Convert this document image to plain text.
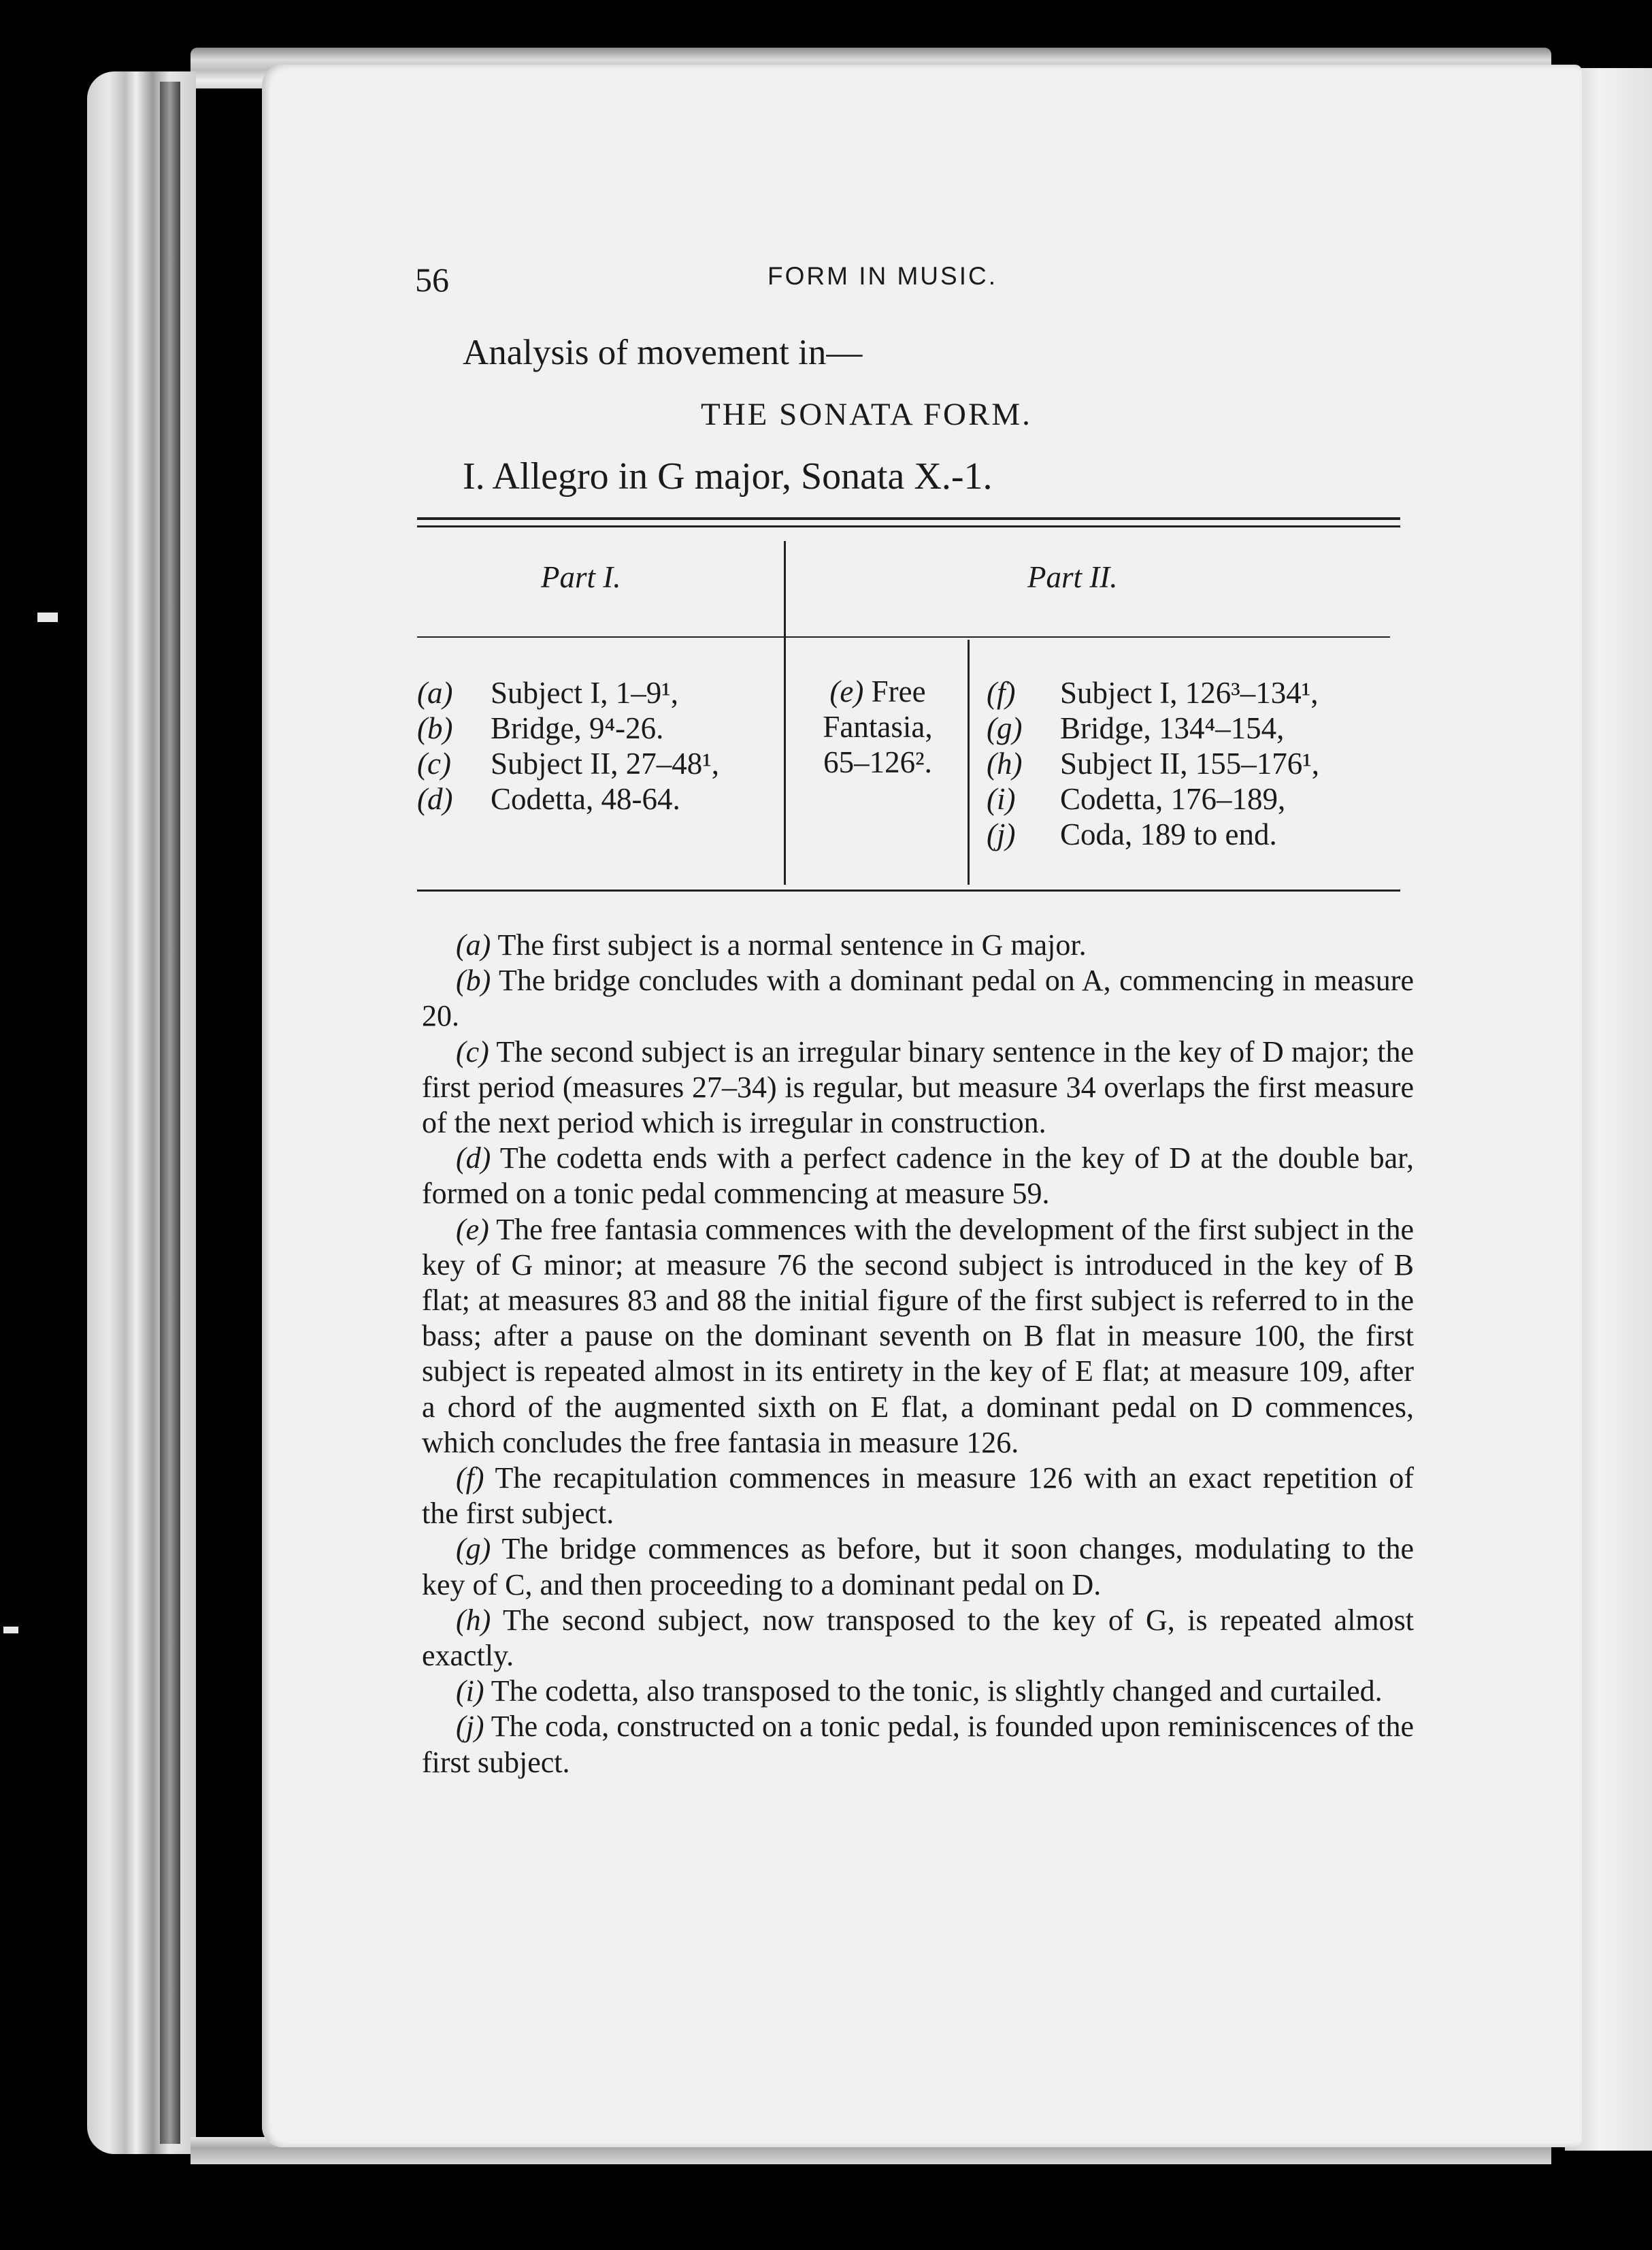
56	FORM IN MUSIC.
Analysis of movement in—
THE SONATA FORM.
I. Allegro in G major, Sonata X.-1.
Part I.	Part II.
(a) Subject I, 1–9¹,
(b) Bridge, 9⁴-26.
(c) Subject II, 27–48¹,
(d) Codetta, 48-64.
(e) Free
Fantasia,
65–126².
(f) Subject I, 126³–134¹,
(g) Bridge, 134⁴–154,
(h) Subject II, 155–176¹,
(i) Codetta, 176–189,
(j) Coda, 189 to end.

(a) The first subject is a normal sentence in G major.

(b) The bridge concludes with a dominant pedal on A, commencing in measure 20.

(c) The second subject is an irregular binary sentence in the key of D major; the first period (measures 27–34) is regular, but measure 34 overlaps the first measure of the next period which is irregular in construction.

(d) The codetta ends with a perfect cadence in the key of D at the double bar, formed on a tonic pedal commencing at measure 59.

(e) The free fantasia commences with the development of the first subject in the key of G minor; at measure 76 the second subject is introduced in the key of B flat; at measures 83 and 88 the initial figure of the first subject is referred to in the bass; after a pause on the dominant seventh on B flat in measure 100, the first subject is repeated almost in its entirety in the key of E flat; at measure 109, after a chord of the augmented sixth on E flat, a dominant pedal on D commences, which concludes the free fantasia in measure 126.

(f) The recapitulation commences in measure 126 with an exact repetition of the first subject.

(g) The bridge commences as before, but it soon changes, modulating to the key of C, and then proceeding to a dominant pedal on D.

(h) The second subject, now transposed to the key of G, is repeated almost exactly.

(i) The codetta, also transposed to the tonic, is slightly changed and curtailed.

(j) The coda, constructed on a tonic pedal, is founded upon reminiscences of the first subject.
